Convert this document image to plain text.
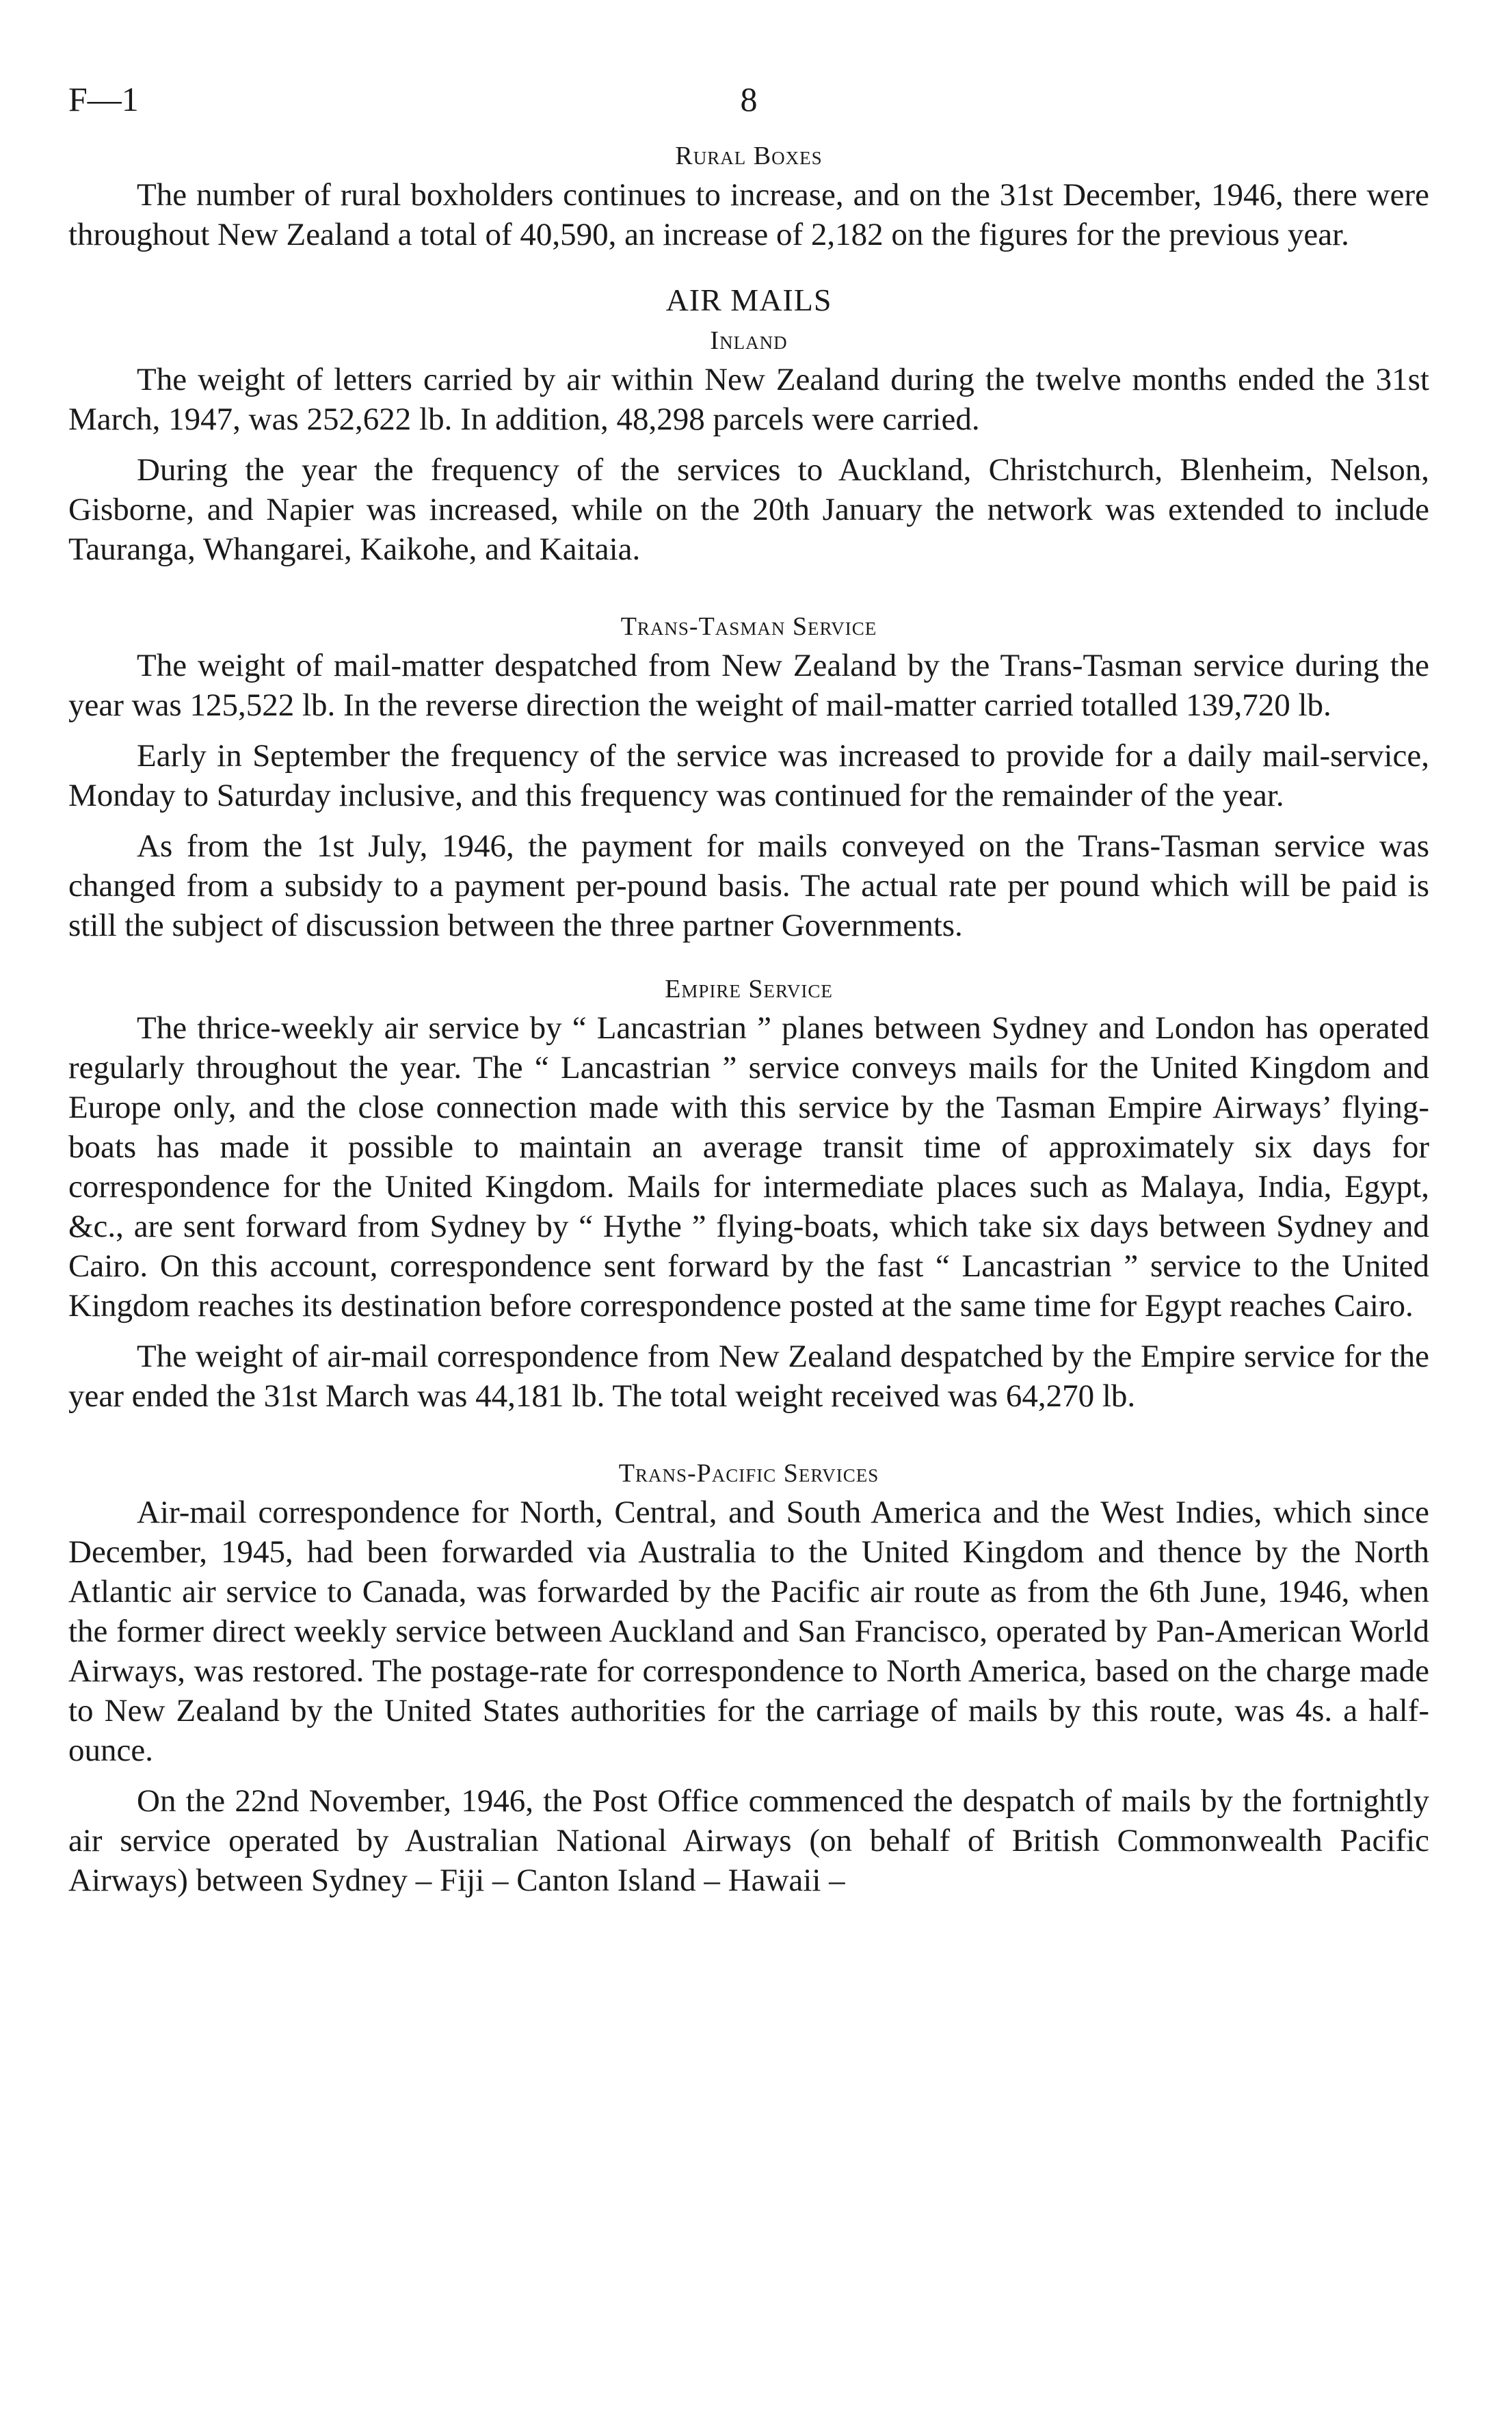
F—1	8
Rural Boxes

The number of rural boxholders continues to increase, and on the 31st December, 1946, there were throughout New Zealand a total of 40,590, an increase of 2,182 on the figures for the previous year.

AIR MAILS
Inland

The weight of letters carried by air within New Zealand during the twelve months ended the 31st March, 1947, was 252,622 lb. In addition, 48,298 parcels were carried.

During the year the frequency of the services to Auckland, Christchurch, Blenheim, Nelson, Gisborne, and Napier was increased, while on the 20th January the network was extended to include Tauranga, Whangarei, Kaikohe, and Kaitaia.

Trans-Tasman Service

The weight of mail-matter despatched from New Zealand by the Trans-Tasman service during the year was 125,522 lb. In the reverse direction the weight of mail-matter carried totalled 139,720 lb.

Early in September the frequency of the service was increased to provide for a daily mail-service, Monday to Saturday inclusive, and this frequency was continued for the remainder of the year.

As from the 1st July, 1946, the payment for mails conveyed on the Trans-Tasman service was changed from a subsidy to a payment per-pound basis. The actual rate per pound which will be paid is still the subject of discussion between the three partner Governments.

Empire Service

The thrice-weekly air service by “ Lancastrian ” planes between Sydney and London has operated regularly throughout the year. The “ Lancastrian ” service conveys mails for the United Kingdom and Europe only, and the close connection made with this service by the Tasman Empire Airways’ flying-boats has made it possible to maintain an average transit time of approximately six days for correspondence for the United Kingdom. Mails for intermediate places such as Malaya, India, Egypt, &c., are sent forward from Sydney by “ Hythe ” flying-boats, which take six days between Sydney and Cairo. On this account, correspondence sent forward by the fast “ Lancastrian ” service to the United Kingdom reaches its destination before correspondence posted at the same time for Egypt reaches Cairo.

The weight of air-mail correspondence from New Zealand despatched by the Empire service for the year ended the 31st March was 44,181 lb. The total weight received was 64,270 lb.

Trans-Pacific Services

Air-mail correspondence for North, Central, and South America and the West Indies, which since December, 1945, had been forwarded via Australia to the United Kingdom and thence by the North Atlantic air service to Canada, was forwarded by the Pacific air route as from the 6th June, 1946, when the former direct weekly service between Auckland and San Francisco, operated by Pan-American World Airways, was restored. The postage-rate for correspondence to North America, based on the charge made to New Zealand by the United States authorities for the carriage of mails by this route, was 4s. a half-ounce.

On the 22nd November, 1946, the Post Office commenced the despatch of mails by the fortnightly air service operated by Australian National Airways (on behalf of British Commonwealth Pacific Airways) between Sydney – Fiji – Canton Island – Hawaii –
